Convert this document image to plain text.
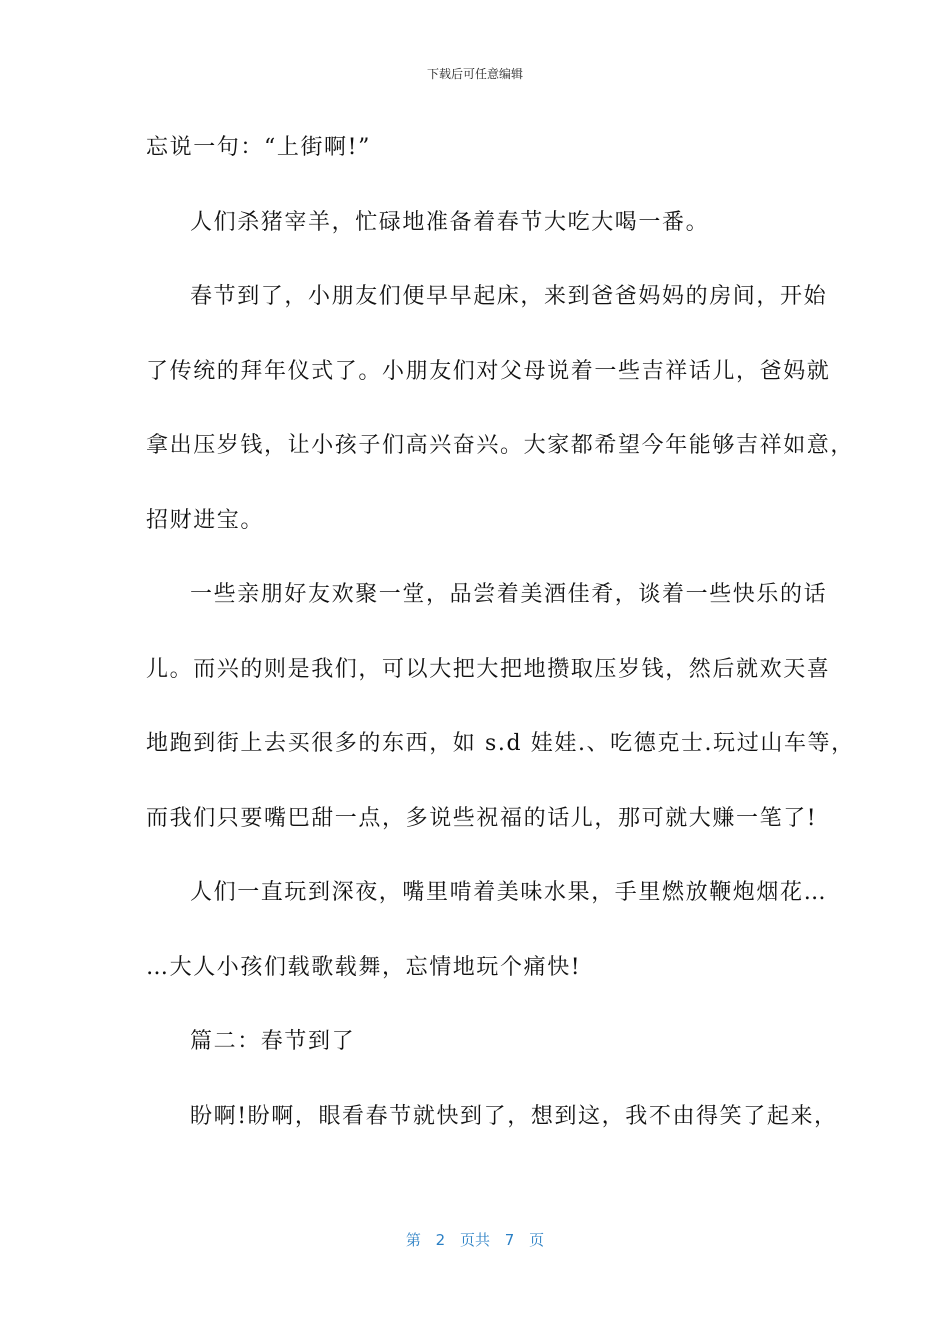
下载后可任意编辑
忘说一句：“上街啊!”
人们杀猪宰羊，忙碌地准备着春节大吃大喝一番。
春节到了，小朋友们便早早起床，来到爸爸妈妈的房间，开始
了传统的拜年仪式了。小朋友们对父母说着一些吉祥话儿，爸妈就
拿出压岁钱，让小孩子们高兴奋兴。大家都希望今年能够吉祥如意，
招财进宝。
一些亲朋好友欢聚一堂，品尝着美酒佳肴，谈着一些快乐的话
儿。而兴的则是我们，可以大把大把地攒取压岁钱，然后就欢天喜
地跑到街上去买很多的东西，如 s.d 娃娃.、吃德克士.玩过山车等，
而我们只要嘴巴甜一点，多说些祝福的话儿，那可就大赚一笔了!
人们一直玩到深夜，嘴里啃着美味水果，手里燃放鞭炮烟花…
…大人小孩们载歌载舞，忘情地玩个痛快!
篇二：春节到了
盼啊!盼啊，眼看春节就快到了，想到这，我不由得笑了起来，
第 2 页共 7 页
